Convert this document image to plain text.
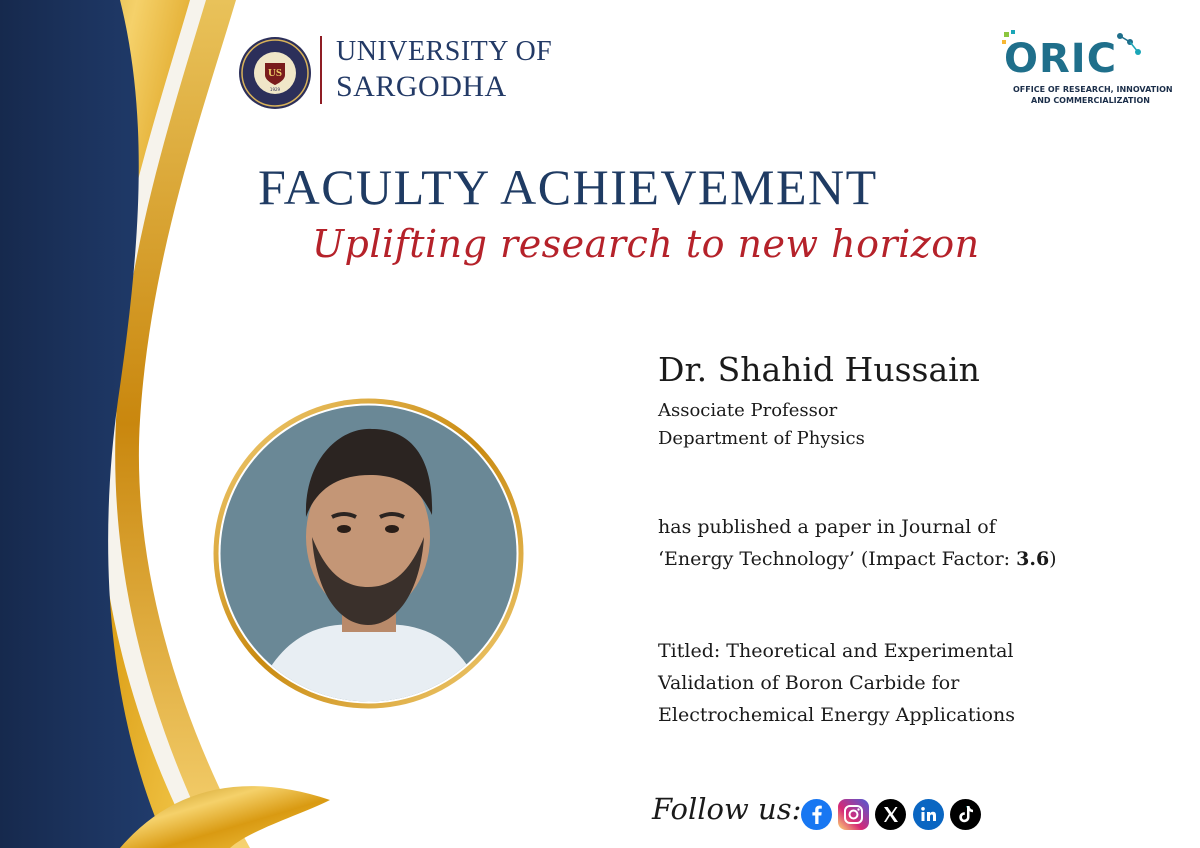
US
1929
UNIVERSITY OF
SARGODHA
ORIC
OFFICE OF RESEARCH, INNOVATION
AND COMMERCIALIZATION
FACULTY ACHIEVEMENT
Uplifting research to new horizon
Dr. Shahid Hussain
Associate Professor
Department of Physics
has published a paper in Journal of
‘Energy Technology’ (Impact Factor: 3.6)
Titled: Theoretical and Experimental
Validation of Boron Carbide for
Electrochemical Energy Applications
Follow us:
